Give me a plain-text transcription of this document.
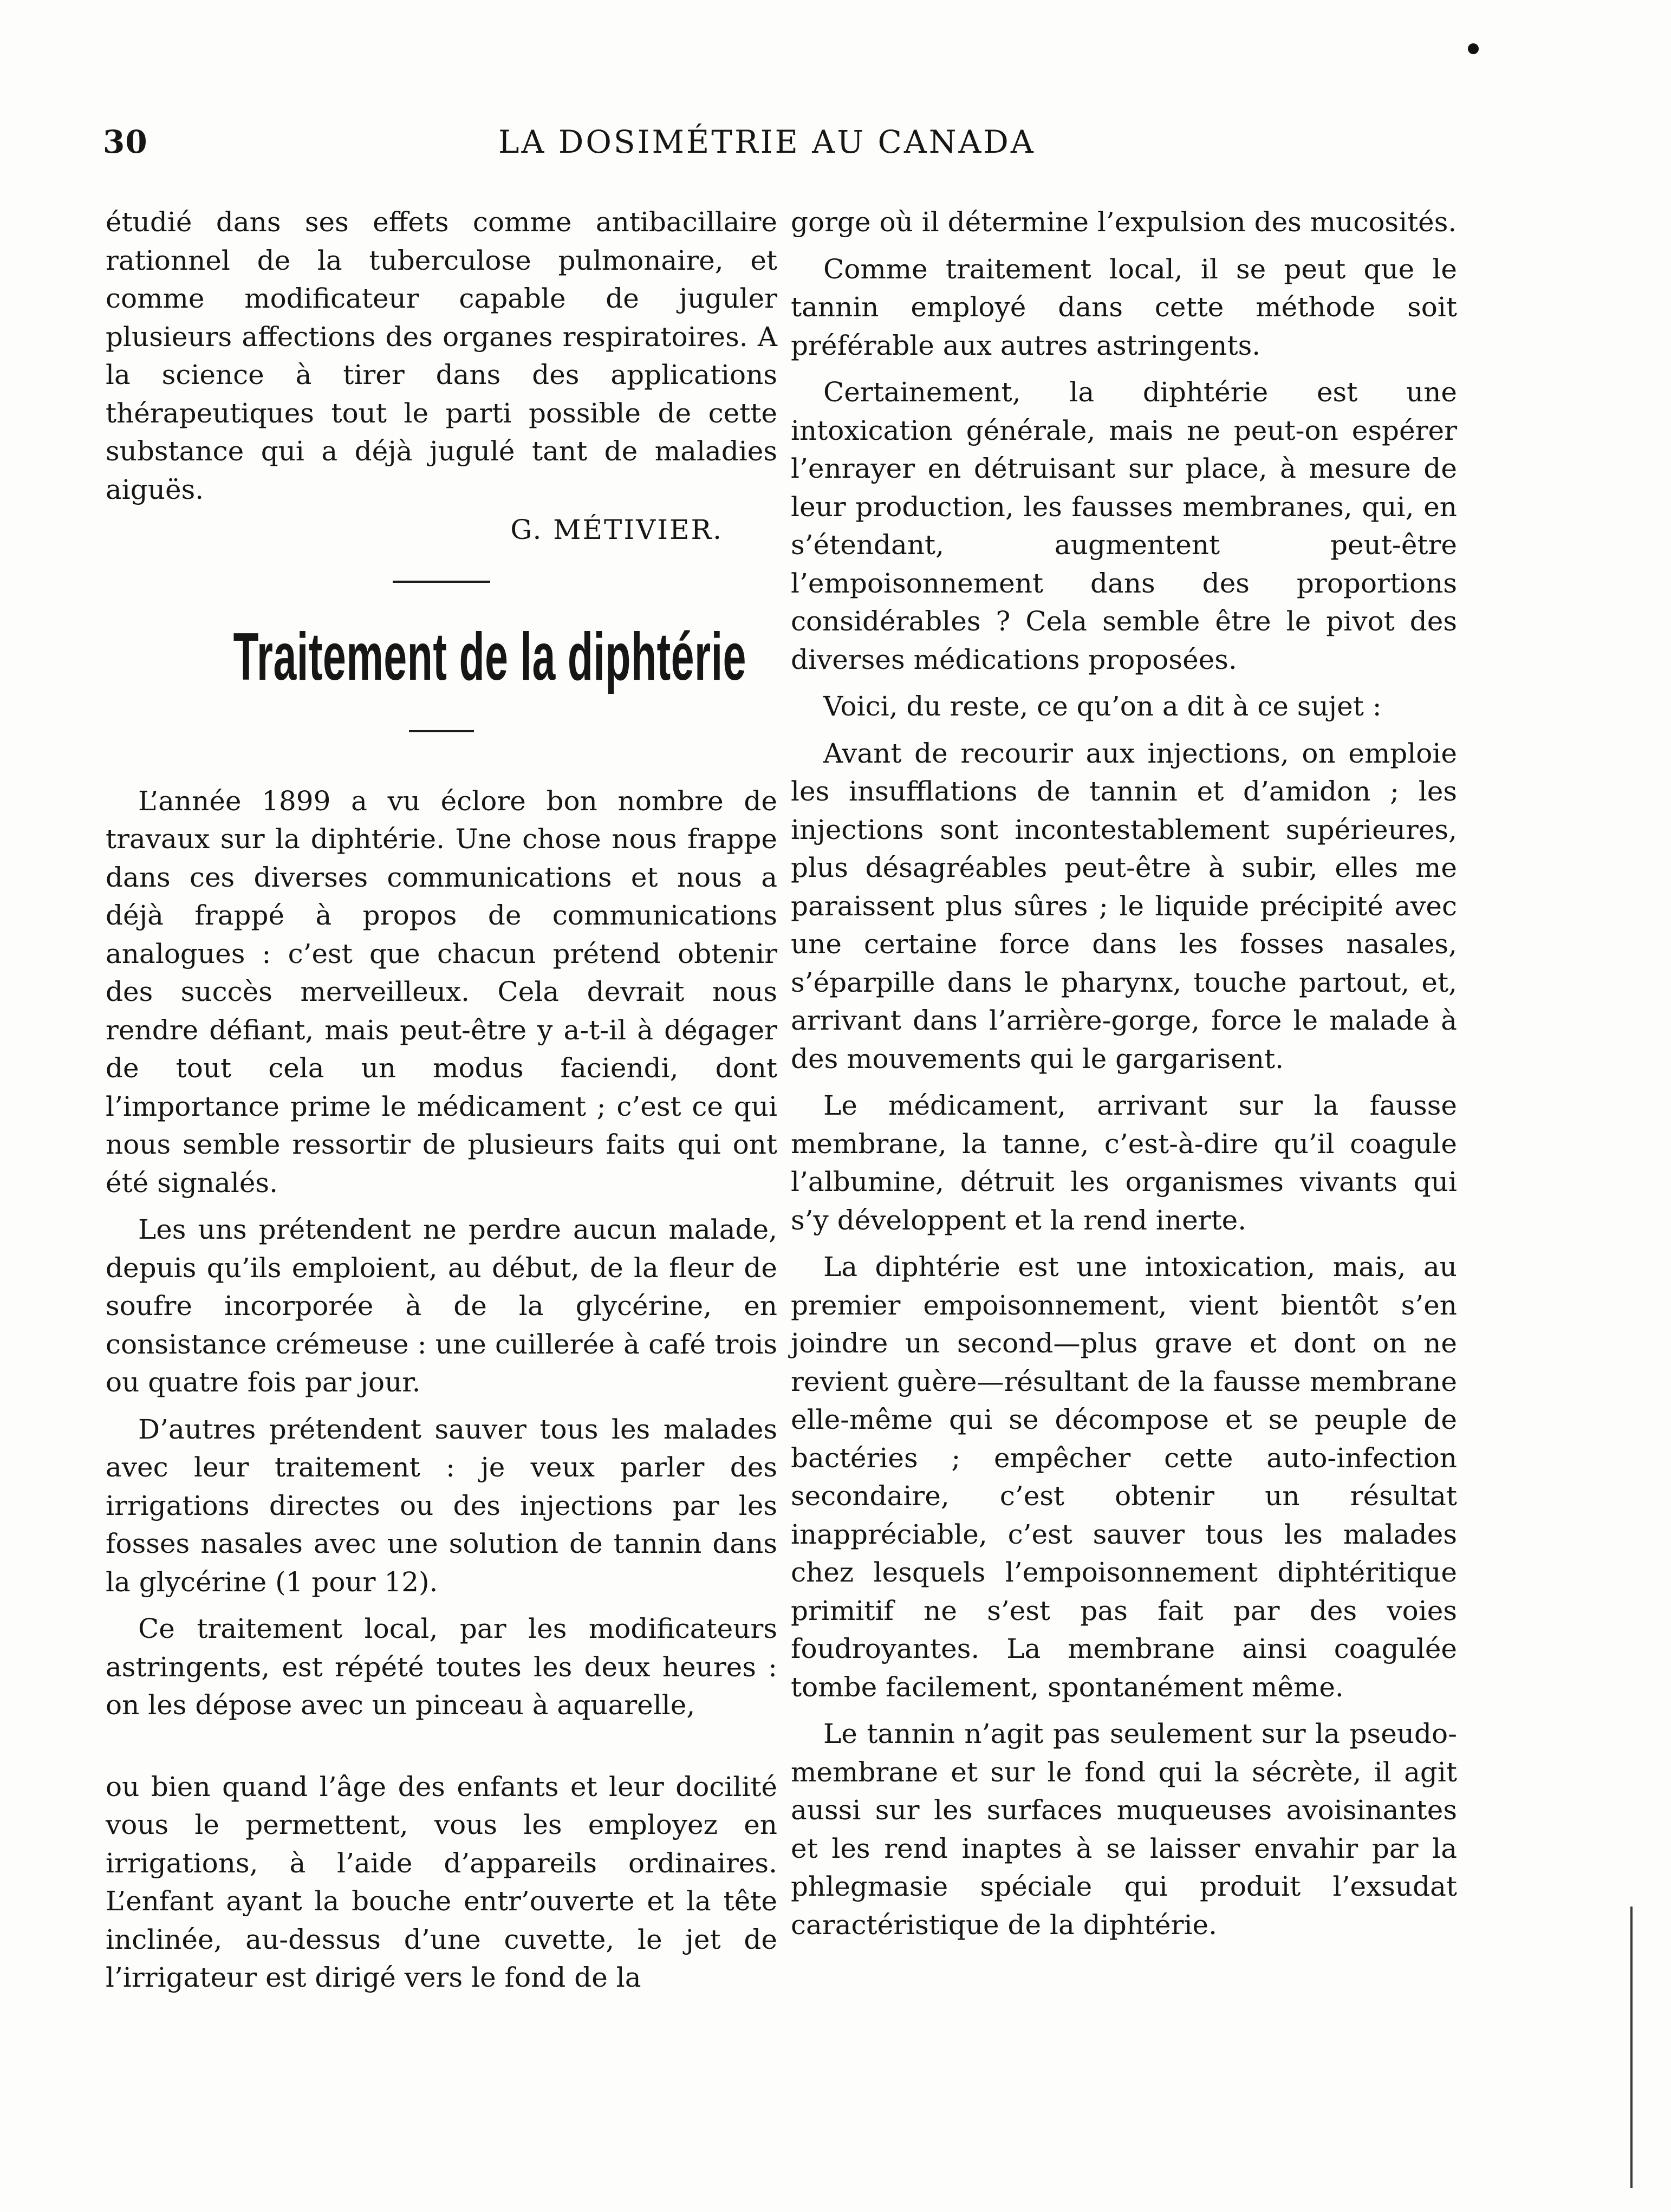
30	LA DOSIMÉTRIE AU CANADA

étudié dans ses effets comme antibacillaire rationnel de la tuberculose pulmonaire, et comme modificateur capable de juguler plusieurs affections des organes respiratoires. A la science à tirer dans des applications thérapeutiques tout le parti possible de cette substance qui a déjà jugulé tant de maladies aiguës.

G. MÉTIVIER.

Traitement de la diphtérie

L’année 1899 a vu éclore bon nombre de travaux sur la diphtérie. Une chose nous frappe dans ces diverses communications et nous a déjà frappé à propos de communications analogues : c’est que chacun prétend obtenir des succès merveilleux. Cela devrait nous rendre défiant, mais peut-être y a-t-il à dégager de tout cela un modus faciendi, dont l’importance prime le médicament ; c’est ce qui nous semble ressortir de plusieurs faits qui ont été signalés.

Les uns prétendent ne perdre aucun malade, depuis qu’ils emploient, au début, de la fleur de soufre incorporée à de la glycérine, en consistance crémeuse : une cuillerée à café trois ou quatre fois par jour.

D’autres prétendent sauver tous les malades avec leur traitement : je veux parler des irrigations directes ou des injections par les fosses nasales avec une solution de tannin dans la glycérine (1 pour 12).

Ce traitement local, par les modificateurs astringents, est répété toutes les deux heures : on les dépose avec un pinceau à aquarelle,

ou bien quand l’âge des enfants et leur docilité vous le permettent, vous les employez en irrigations, à l’aide d’appareils ordinaires. L’enfant ayant la bouche entr’ouverte et la tête inclinée, au-dessus d’une cuvette, le jet de l’irrigateur est dirigé vers le fond de la

gorge où il détermine l’expulsion des mucosités.

Comme traitement local, il se peut que le tannin employé dans cette méthode soit préférable aux autres astringents.

Certainement, la diphtérie est une intoxication générale, mais ne peut-on espérer l’enrayer en détruisant sur place, à mesure de leur production, les fausses membranes, qui, en s’étendant, augmentent peut-être l’empoisonnement dans des proportions considérables ? Cela semble être le pivot des diverses médications proposées.

Voici, du reste, ce qu’on a dit à ce sujet :

Avant de recourir aux injections, on emploie les insufflations de tannin et d’amidon ; les injections sont incontestablement supérieures, plus désagréables peut-être à subir, elles me paraissent plus sûres ; le liquide précipité avec une certaine force dans les fosses nasales, s’éparpille dans le pharynx, touche partout, et, arrivant dans l’arrière-gorge, force le malade à des mouvements qui le gargarisent.

Le médicament, arrivant sur la fausse membrane, la tanne, c’est-à-dire qu’il coagule l’albumine, détruit les organismes vivants qui s’y développent et la rend inerte.

La diphtérie est une intoxication, mais, au premier empoisonnement, vient bientôt s’en joindre un second—plus grave et dont on ne revient guère—résultant de la fausse membrane elle-même qui se décompose et se peuple de bactéries ; empêcher cette auto-infection secondaire, c’est obtenir un résultat inappréciable, c’est sauver tous les malades chez lesquels l’empoisonnement diphtéritique primitif ne s’est pas fait par des voies foudroyantes. La membrane ainsi coagulée tombe facilement, spontanément même.

Le tannin n’agit pas seulement sur la pseudo-membrane et sur le fond qui la sécrète, il agit aussi sur les surfaces muqueuses avoisinantes et les rend inaptes à se laisser envahir par la phlegmasie spéciale qui produit l’exsudat caractéristique de la diphtérie.
